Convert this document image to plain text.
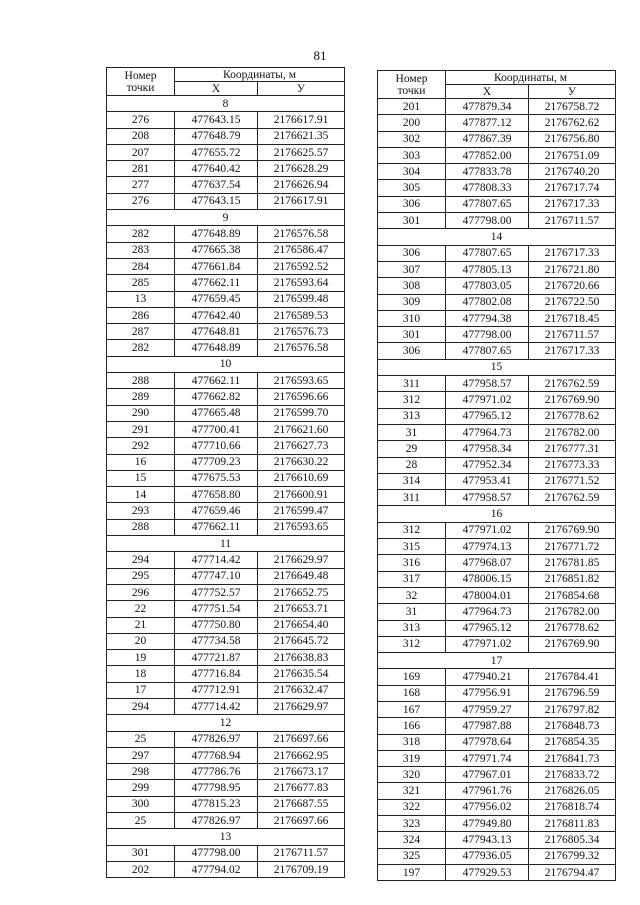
81
Номер
точки	Координаты, м	
	X	У
8		
276	477643.15	2176617.91
208	477648.79	2176621.35
207	477655.72	2176625.57
281	477640.42	2176628.29
277	477637.54	2176626.94
276	477643.15	2176617.91
9		
282	477648.89	2176576.58
283	477665.38	2176586.47
284	477661.84	2176592.52
285	477662.11	2176593.64
13	477659.45	2176599.48
286	477642.40	2176589.53
287	477648.81	2176576.73
282	477648.89	2176576.58
10		
288	477662.11	2176593.65
289	477662.82	2176596.66
290	477665.48	2176599.70
291	477700.41	2176621.60
292	477710.66	2176627.73
16	477709.23	2176630.22
15	477675.53	2176610.69
14	477658.80	2176600.91
293	477659.46	2176599.47
288	477662.11	2176593.65
11		
294	477714.42	2176629.97
295	477747.10	2176649.48
296	477752.57	2176652.75
22	477751.54	2176653.71
21	477750.80	2176654.40
20	477734.58	2176645.72
19	477721.87	2176638.83
18	477716.84	2176635.54
17	477712.91	2176632.47
294	477714.42	2176629.97
12		
25	477826.97	2176697.66
297	477768.94	2176662.95
298	477786.76	2176673.17
299	477798.95	2176677.83
300	477815.23	2176687.55
25	477826.97	2176697.66
13		
301	477798.00	2176711.57
202	477794.02	2176709.19
Номер
точки	Координаты, м	
	X	У
201	477879.34	2176758.72
200	477877.12	2176762.62
302	477867.39	2176756.80
303	477852.00	2176751.09
304	477833.78	2176740.20
305	477808.33	2176717.74
306	477807.65	2176717.33
301	477798.00	2176711.57
14		
306	477807.65	2176717.33
307	477805.13	2176721.80
308	477803.05	2176720.66
309	477802.08	2176722.50
310	477794.38	2176718.45
301	477798.00	2176711.57
306	477807.65	2176717.33
15		
311	477958.57	2176762.59
312	477971.02	2176769.90
313	477965.12	2176778.62
31	477964.73	2176782.00
29	477958.34	2176777.31
28	477952.34	2176773.33
314	477953.41	2176771.52
311	477958.57	2176762.59
16		
312	477971.02	2176769.90
315	477974.13	2176771.72
316	477968.07	2176781.85
317	478006.15	2176851.82
32	478004.01	2176854.68
31	477964.73	2176782.00
313	477965.12	2176778.62
312	477971.02	2176769.90
17		
169	477940.21	2176784.41
168	477956.91	2176796.59
167	477959.27	2176797.82
166	477987.88	2176848.73
318	477978.64	2176854.35
319	477971.74	2176841.73
320	477967.01	2176833.72
321	477961.76	2176826.05
322	477956.02	2176818.74
323	477949.80	2176811.83
324	477943.13	2176805.34
325	477936.05	2176799.32
197	477929.53	2176794.47
